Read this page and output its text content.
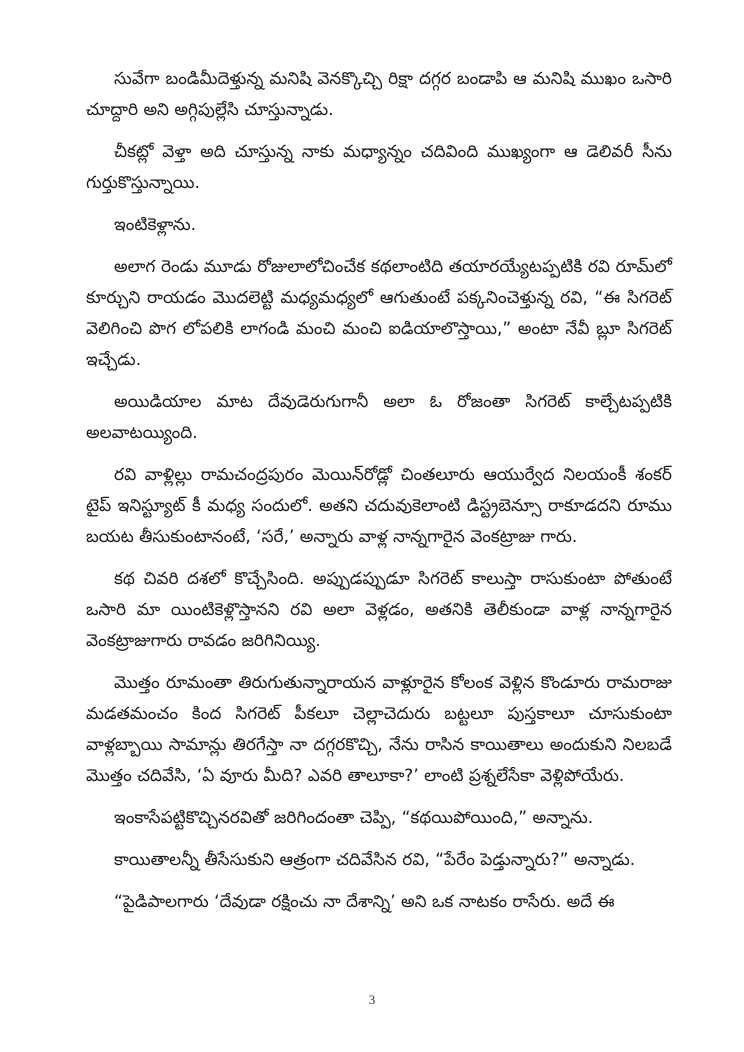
సువేగా బండిమీదెళ్తున్న మనిషి వెనక్కొచ్చి రిక్షా దగ్గర బండాపి ఆ మనిషి ముఖం ఒసారి చూద్దారి అని అగ్గిపుల్లేసి చూస్తున్నాడు.

చీకట్లో వెళ్తా అది చూస్తున్న నాకు మధ్యాన్నం చదివింది ముఖ్యంగా ఆ డెలివరీ సీను గుర్తుకొస్తున్నాయి.

ఇంటికెళ్లాను.

అలాగ రెండు మూడు రోజులాలోచించేక కథలాంటిది తయారయ్యేటప్పటికి రవి రూమ్‌లో కూర్చుని రాయడం మొదలెట్టి మధ్యమధ్యలో ఆగుతుంటే పక్కనించెళ్తున్న రవి, “ఈ సిగరెట్ వెలిగించి పొగ లోపలికి లాగండి మంచి మంచి ఐడియాలొస్తాయి,” అంటా నేవీ బ్లూ సిగరెట్ ఇచ్చేడు.

అయిడియాల మాట దేవుడెరుగుగానీ అలా ఓ రోజంతా సిగరెట్ కాల్చేటప్పటికి అలవాటయ్యింది.

రవి వాళ్లిల్లు రామచంద్రపురం మెయిన్‌రోడ్లో చింతలూరు ఆయుర్వేద నిలయంకీ శంకర్ టైప్ ఇనిస్ట్యూట్ కీ మధ్య సందులో. అతని చదువుకెలాంటి డిస్ట్రబెన్సూ రాకూడదని రూము బయట తీసుకుంటానంటే, ‘సరే,’ అన్నారు వాళ్ల నాన్నగారైన వెంకట్రాజు గారు.

కథ చివరి దశలో కొచ్చేసింది. అప్పుడప్పుడూ సిగరెట్ కాలుస్తా రాసుకుంటా పోతుంటే ఒసారి మా యింటికెళ్లొస్తానని రవి అలా వెళ్లడం, అతనికి తెలీకుండా వాళ్ల నాన్నగారైన వెంకట్రాజుగారు రావడం జరిగినియ్యి.

మొత్తం రూమంతా తిరుగుతున్నారాయన వాళ్లూరైన కోలంక వెళ్లిన కొండూరు రామరాజు మడతమంచం కింద సిగరెట్ పీకలూ చెల్లాచెదురు బట్టలూ పుస్తకాలూ చూసుకుంటా వాళ్లబ్బాయి సామాన్లు తిరగేస్తా నా దగ్గరకొచ్చి, నేను రాసిన కాయితాలు అందుకుని నిలబడే మొత్తం చదివేసి, ‘ఏ వూరు మీది? ఎవరి తాలూకా?’ లాంటి ప్రశ్నలేసేకా వెళ్లిపోయేరు.

ఇంకాసేపట్టికొచ్చినరవితో జరిగిందంతా చెప్పి, “కథయిపోయింది,” అన్నాను.

కాయితాలన్నీ తీసేసుకుని ఆత్రంగా చదివేసిన రవి, “పేరేం పెడ్తున్నారు?” అన్నాడు.

“పైడిపాలగారు ‘దేవుడా రక్షించు నా దేశాన్ని’ అని ఒక నాటకం రాసేరు. అదే ఈ

3
